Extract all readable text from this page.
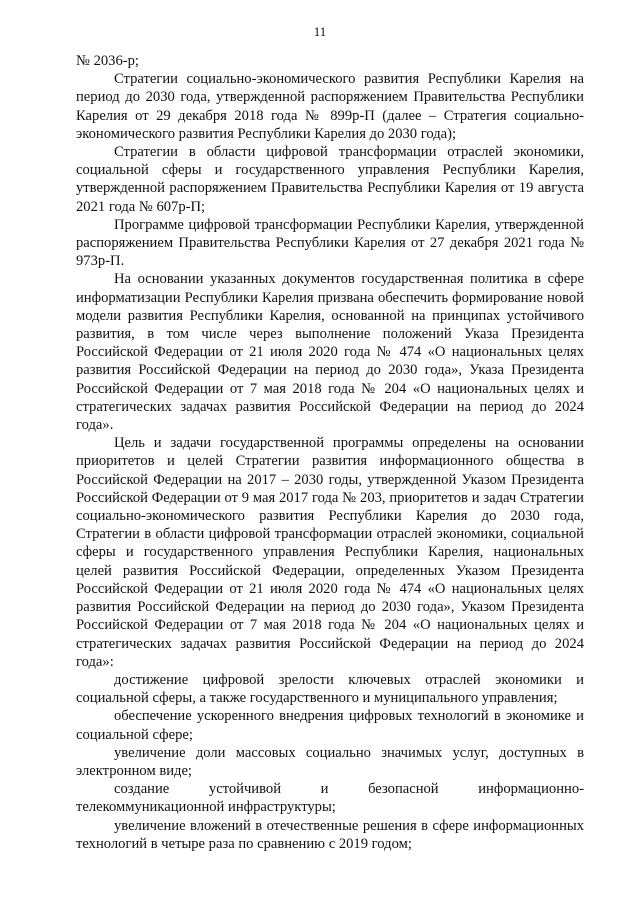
11

№ 2036-р;

Стратегии социально-экономического развития Республики Карелия на период до 2030 года, утвержденной распоряжением Правительства Республики Карелия от 29 декабря 2018 года № 899р-П (далее – Стратегия социально-экономического развития Республики Карелия до 2030 года);

Стратегии в области цифровой трансформации отраслей экономики, социальной сферы и государственного управления Республики Карелия, утвержденной распоряжением Правительства Республики Карелия от 19 августа 2021 года № 607р-П;

Программе цифровой трансформации Республики Карелия, утвержденной распоряжением Правительства Республики Карелия от 27 декабря 2021 года № 973р-П.

На основании указанных документов государственная политика в сфере информатизации Республики Карелия призвана обеспечить формирование новой модели развития Республики Карелия, основанной на принципах устойчивого развития, в том числе через выполнение положений Указа Президента Российской Федерации от 21 июля 2020 года № 474 «О национальных целях развития Российской Федерации на период до 2030 года», Указа Президента Российской Федерации от 7 мая 2018 года № 204 «О национальных целях и стратегических задачах развития Российской Федерации на период до 2024 года».

Цель и задачи государственной программы определены на основании приоритетов и целей Стратегии развития информационного общества в Российской Федерации на 2017 – 2030 годы, утвержденной Указом Президента Российской Федерации от 9 мая 2017 года № 203, приоритетов и задач Стратегии социально-экономического развития Республики Карелия до 2030 года, Стратегии в области цифровой трансформации отраслей экономики, социальной сферы и государственного управления Республики Карелия, национальных целей развития Российской Федерации, определенных Указом Президента Российской Федерации от 21 июля 2020 года № 474 «О национальных целях развития Российской Федерации на период до 2030 года», Указом Президента Российской Федерации от 7 мая 2018 года № 204 «О национальных целях и стратегических задачах развития Российской Федерации на период до 2024 года»:

достижение цифровой зрелости ключевых отраслей экономики и социальной сферы, а также государственного и муниципального управления;

обеспечение ускоренного внедрения цифровых технологий в экономике и социальной сфере;

увеличение доли массовых социально значимых услуг, доступных в электронном виде;

создание устойчивой и безопасной информационно-телекоммуникационной инфраструктуры;

увеличение вложений в отечественные решения в сфере информационных технологий в четыре раза по сравнению с 2019 годом;
